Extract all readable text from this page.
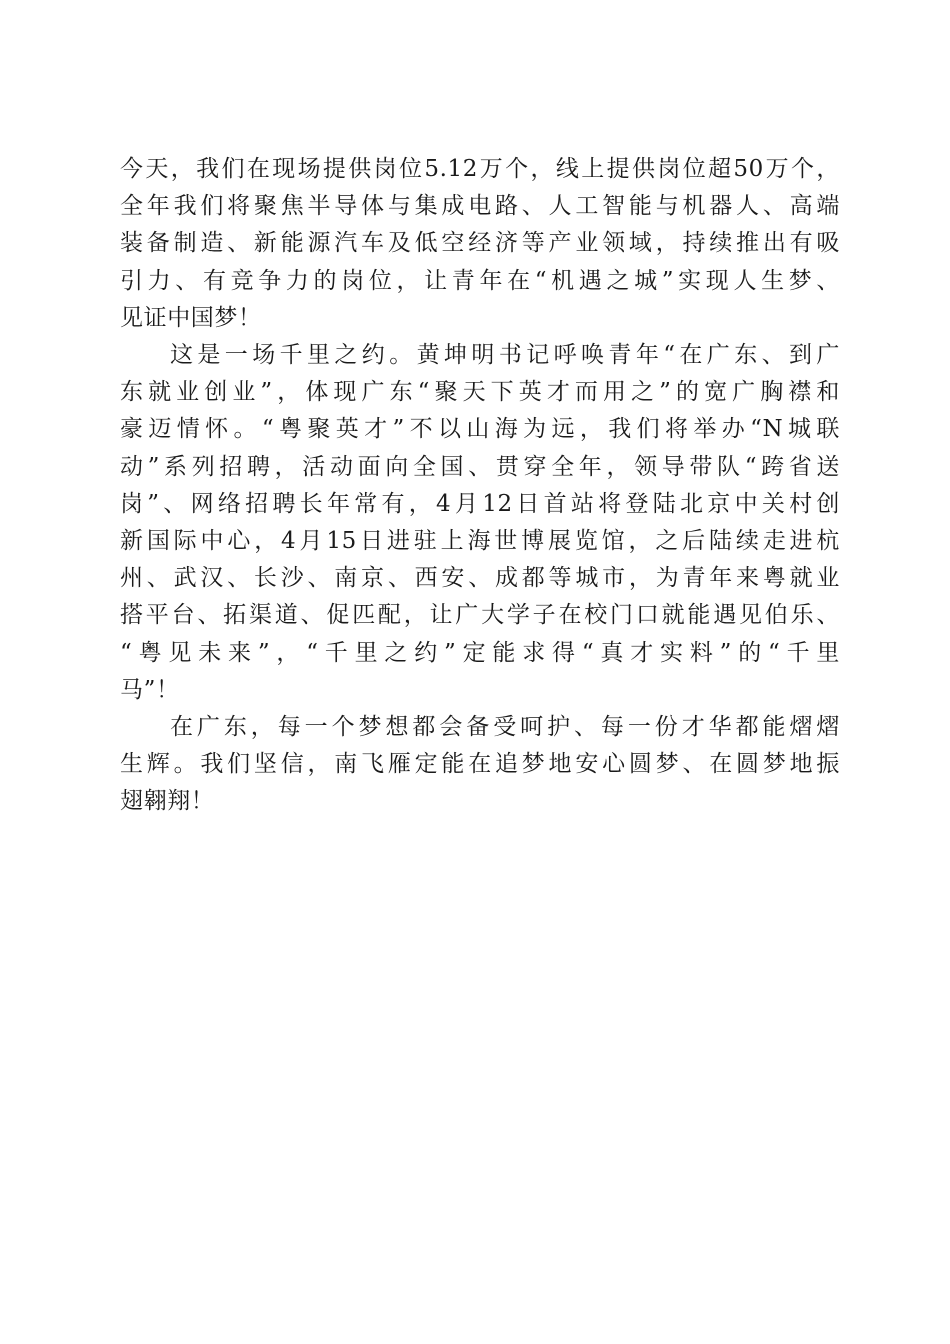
今天，我们在现场提供岗位5.12万个，线上提供岗位超50万个，
全年我们将聚焦半导体与集成电路、人工智能与机器人、高端
装备制造、新能源汽车及低空经济等产业领域，持续推出有吸
引力、有竞争力的岗位，让青年在“机遇之城”实现人生梦、
见证中国梦！
这是一场千里之约。黄坤明书记呼唤青年“在广东、到广
东就业创业”，体现广东“聚天下英才而用之”的宽广胸襟和
豪迈情怀。“粤聚英才”不以山海为远，我们将举办“N城联
动”系列招聘，活动面向全国、贯穿全年，领导带队“跨省送
岗”、网络招聘长年常有，4月12日首站将登陆北京中关村创
新国际中心，4月15日进驻上海世博展览馆，之后陆续走进杭
州、武汉、长沙、南京、西安、成都等城市，为青年来粤就业
搭平台、拓渠道、促匹配，让广大学子在校门口就能遇见伯乐、
“粤见未来”，“千里之约”定能求得“真才实料”的“千里
马”！
在广东，每一个梦想都会备受呵护、每一份才华都能熠熠
生辉。我们坚信，南飞雁定能在追梦地安心圆梦、在圆梦地振
翅翱翔！
